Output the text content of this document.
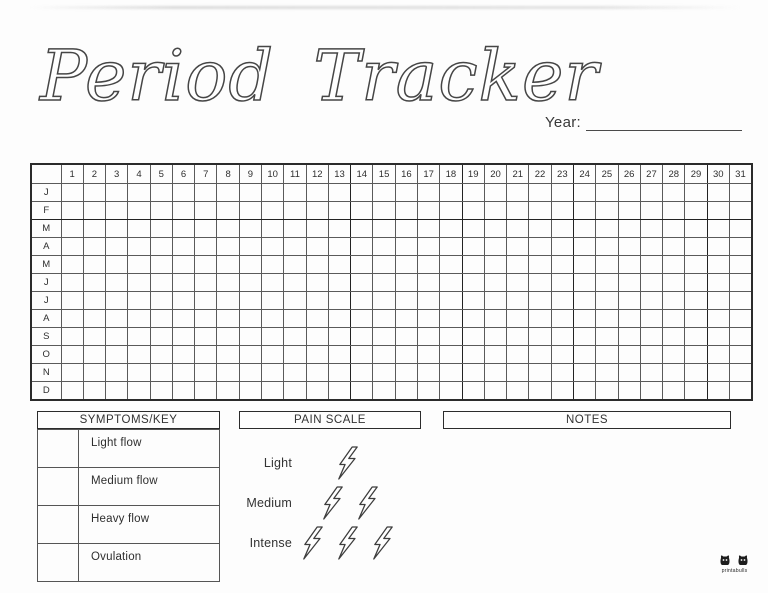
Period Tracker
Year:
	1	2	3	4	5	6	7	8	9	10	11	12	13	14	15	16	17	18	19	20	21	22	23	24	25	26	27	28	29	30	31
J																															
F																															
M																															
A																															
M																															
J																															
J																															
A																															
S																															
O																															
N																															
D																															
SYMPTOMS/KEY
	Light flow
	Medium flow
	Heavy flow
	Ovulation
PAIN SCALE
Light
Medium
Intense
NOTES
printabulls
